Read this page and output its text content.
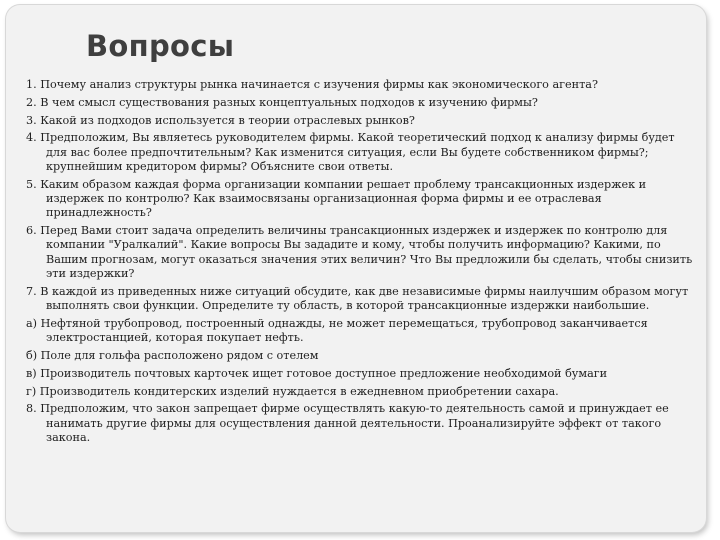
Вопросы
1. Почему анализ структуры рынка начинается с изучения фирмы как экономического агента?
2. В чем смысл существования разных концептуальных подходов к изучению фирмы?
3. Какой из подходов используется в теории отраслевых рынков?
4. Предположим, Вы являетесь руководителем фирмы. Какой теоретический подход к анализу фирмы будет для вас более предпочтительным? Как изменится ситуация, если Вы будете собственником фирмы?; крупнейшим кредитором фирмы? Объясните свои ответы.
5. Каким образом каждая форма организации компании решает проблему трансакционных издержек и издержек по контролю? Как взаимосвязаны организационная форма фирмы и ее отраслевая принадлежность?
6. Перед Вами стоит задача определить величины трансакционных издержек и издержек по контролю для компании "Уралкалий". Какие вопросы Вы зададите и кому, чтобы получить информацию? Какими, по Вашим прогнозам, могут оказаться значения этих величин? Что Вы предложили бы сделать, чтобы снизить эти издержки?
7. В каждой из приведенных ниже ситуаций обсудите, как две независимые фирмы наилучшим образом могут выполнять свои функции. Определите ту область, в которой трансакционные издержки наибольшие.
а) Нефтяной трубопровод, построенный однажды, не может перемещаться, трубопровод заканчивается электростанцией, которая покупает нефть.
б) Поле для гольфа расположено рядом с отелем
в) Производитель почтовых карточек ищет готовое доступное предложение необходимой бумаги
г) Производитель кондитерских изделий нуждается в ежедневном приобретении сахара.
8. Предположим, что закон запрещает фирме осуществлять какую-то деятельность самой и принуждает ее нанимать другие фирмы для осуществления данной деятельности. Проанализируйте эффект от такого закона.
